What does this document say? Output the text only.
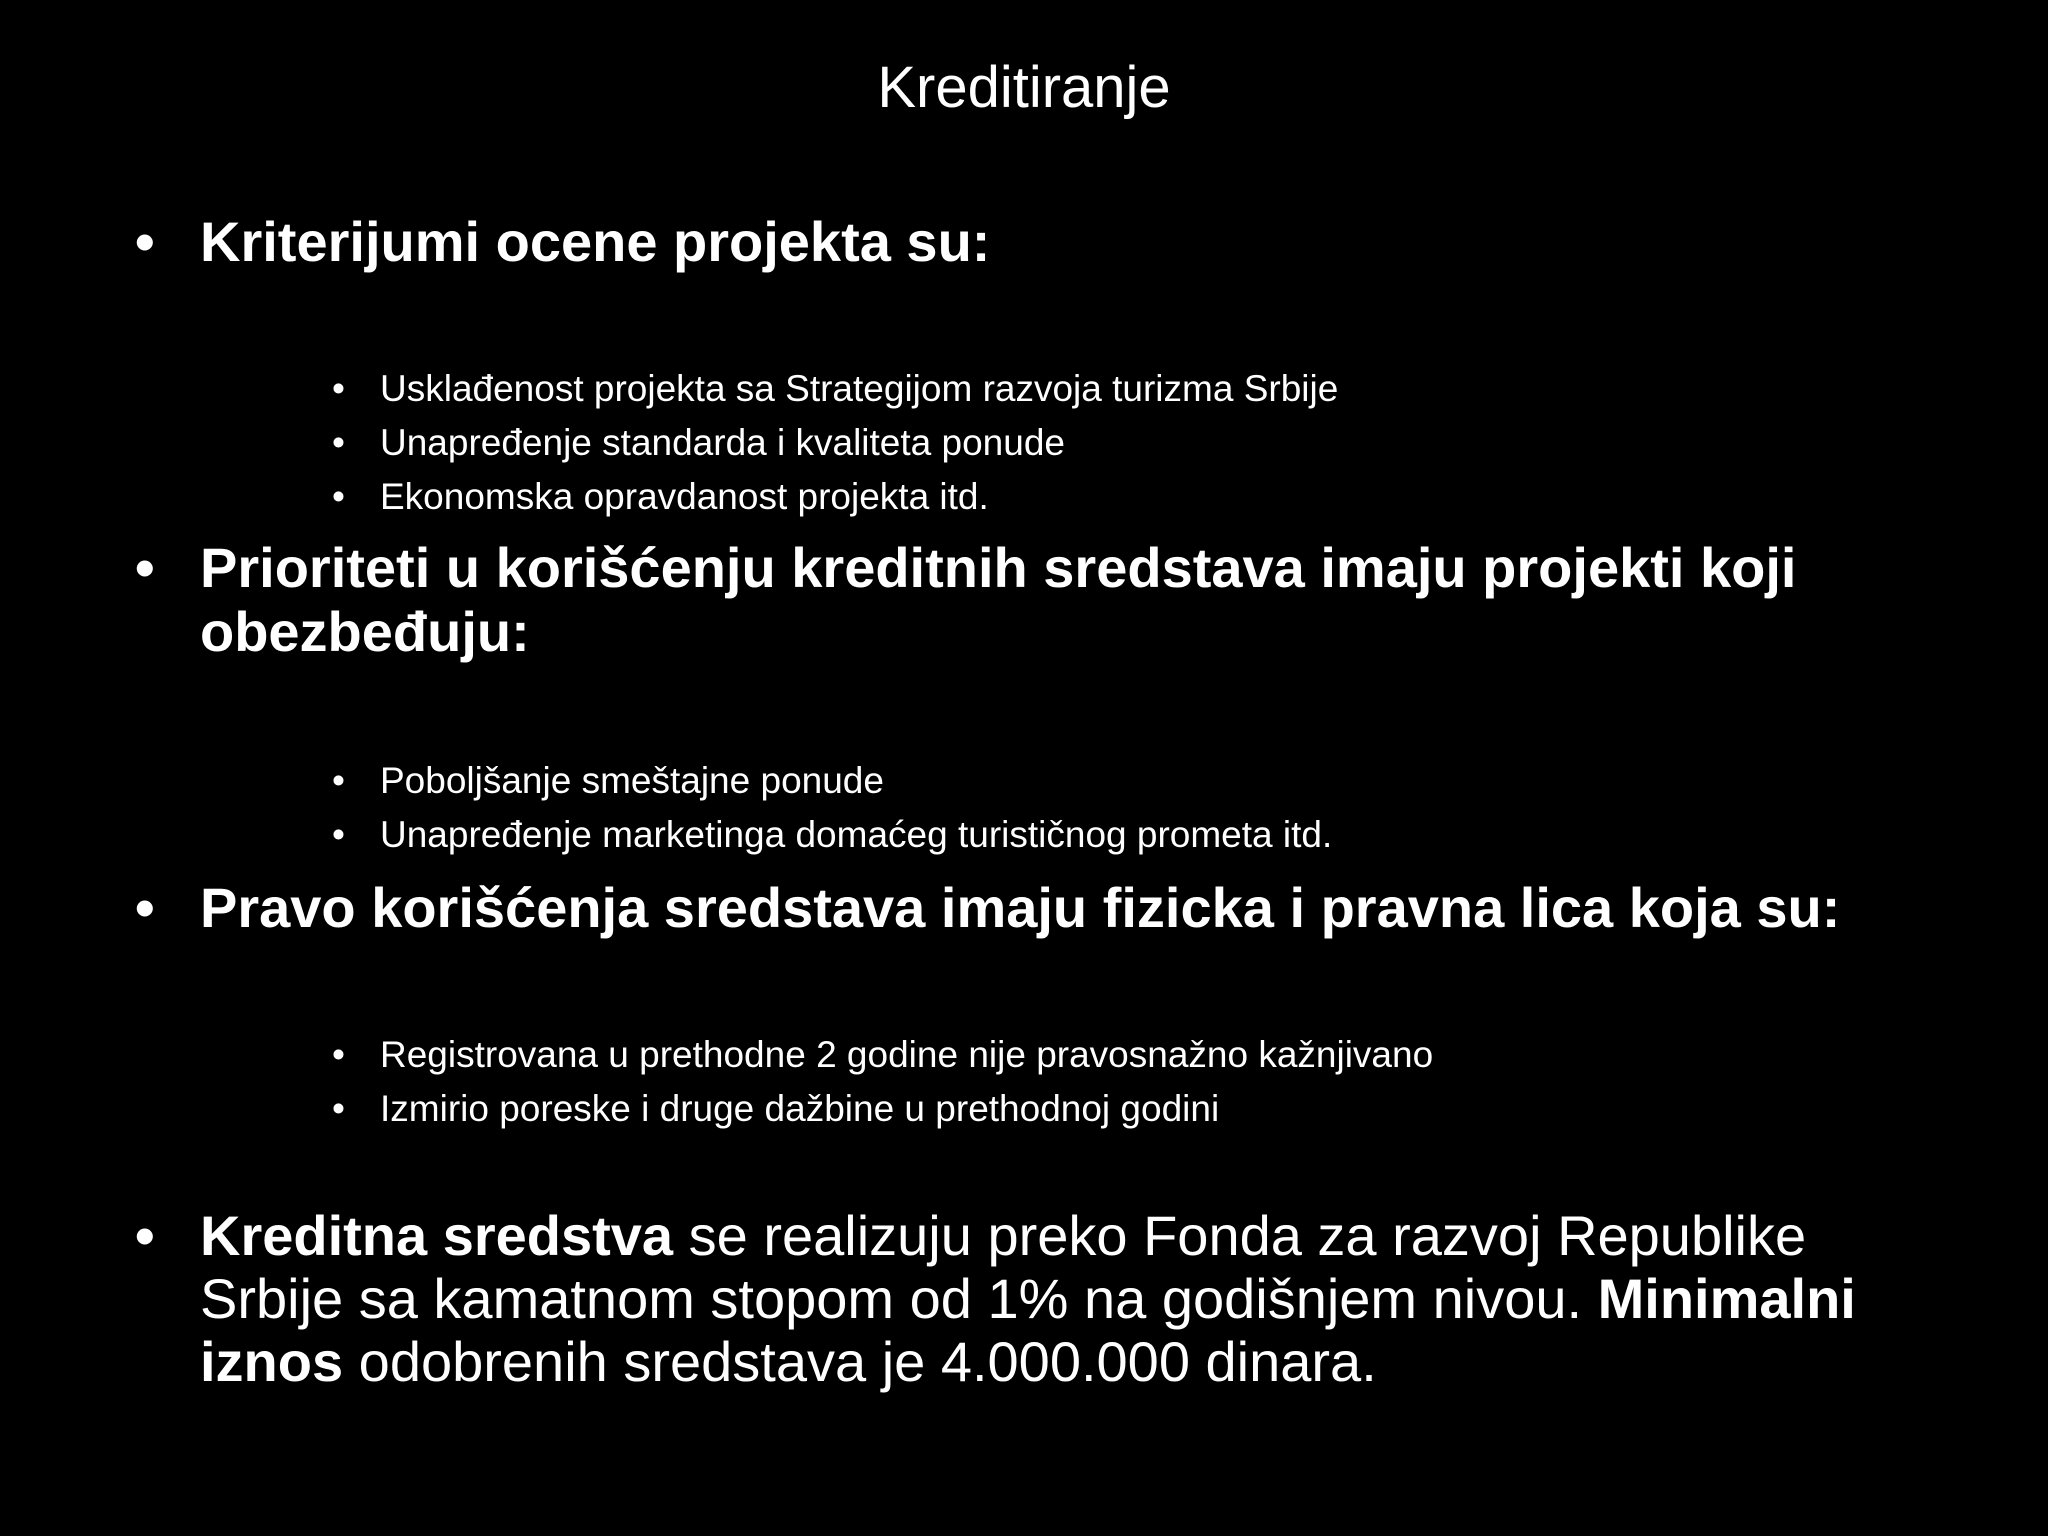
Kreditiranje
• Kriterijumi ocene projekta su:
• Usklađenost projekta sa Strategijom razvoja turizma Srbije
• Unapređenje standarda i kvaliteta ponude
• Ekonomska opravdanost projekta itd.
• Prioriteti u korišćenju kreditnih sredstava imaju projekti koji obezbeđuju:
• Poboljšanje smeštajne ponude
• Unapređenje marketinga domaćeg turističnog prometa itd.
• Pravo korišćenja sredstava imaju fizicka i pravna lica koja su:
• Registrovana u prethodne 2 godine nije pravosnažno kažnjivano
• Izmirio poreske i druge dažbine u prethodnoj godini
• Kreditna sredstva se realizuju preko Fonda za razvoj Republike Srbije sa kamatnom stopom od 1% na godišnjem nivou. Minimalni iznos odobrenih sredstava je 4.000.000 dinara.
